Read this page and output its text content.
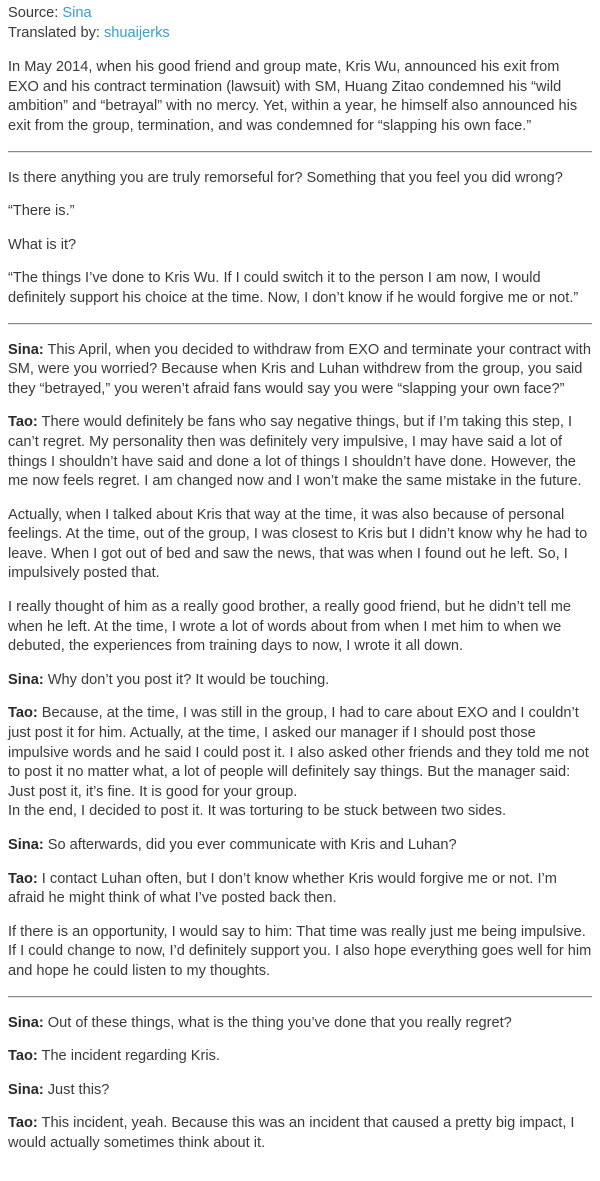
Source: Sina
Translated by: shuaijerks

In May 2014, when his good friend and group mate, Kris Wu, announced his exit from EXO and his contract termination (lawsuit) with SM, Huang Zitao condemned his “wild ambition” and “betrayal” with no mercy. Yet, within a year, he himself also announced his exit from the group, termination, and was condemned for “slapping his own face.”

Is there anything you are truly remorseful for? Something that you feel you did wrong?

“There is.”

What is it?

“The things I’ve done to Kris Wu. If I could switch it to the person I am now, I would definitely support his choice at the time. Now, I don’t know if he would forgive me or not.”

Sina: This April, when you decided to withdraw from EXO and terminate your contract with SM, were you worried? Because when Kris and Luhan withdrew from the group, you said they “betrayed,” you weren’t afraid fans would say you were “slapping your own face?”

Tao: There would definitely be fans who say negative things, but if I’m taking this step, I can’t regret. My personality then was definitely very impulsive, I may have said a lot of things I shouldn’t have said and done a lot of things I shouldn’t have done. However, the me now feels regret. I am changed now and I won’t make the same mistake in the future.

Actually, when I talked about Kris that way at the time, it was also because of personal feelings. At the time, out of the group, I was closest to Kris but I didn’t know why he had to leave. When I got out of bed and saw the news, that was when I found out he left. So, I impulsively posted that.

I really thought of him as a really good brother, a really good friend, but he didn’t tell me when he left. At the time, I wrote a lot of words about from when I met him to when we debuted, the experiences from training days to now, I wrote it all down.

Sina: Why don’t you post it? It would be touching.

Tao: Because, at the time, I was still in the group, I had to care about EXO and I couldn’t just post it for him. Actually, at the time, I asked our manager if I should post those impulsive words and he said I could post it. I also asked other friends and they told me not to post it no matter what, a lot of people will definitely say things. But the manager said: Just post it, it’s fine. It is good for your group.
In the end, I decided to post it. It was torturing to be stuck between two sides.

Sina: So afterwards, did you ever communicate with Kris and Luhan?

Tao: I contact Luhan often, but I don’t know whether Kris would forgive me or not. I’m afraid he might think of what I’ve posted back then.

If there is an opportunity, I would say to him: That time was really just me being impulsive. If I could change to now, I’d definitely support you. I also hope everything goes well for him and hope he could listen to my thoughts.

Sina: Out of these things, what is the thing you’ve done that you really regret?

Tao: The incident regarding Kris.

Sina: Just this?

Tao: This incident, yeah. Because this was an incident that caused a pretty big impact, I would actually sometimes think about it.
